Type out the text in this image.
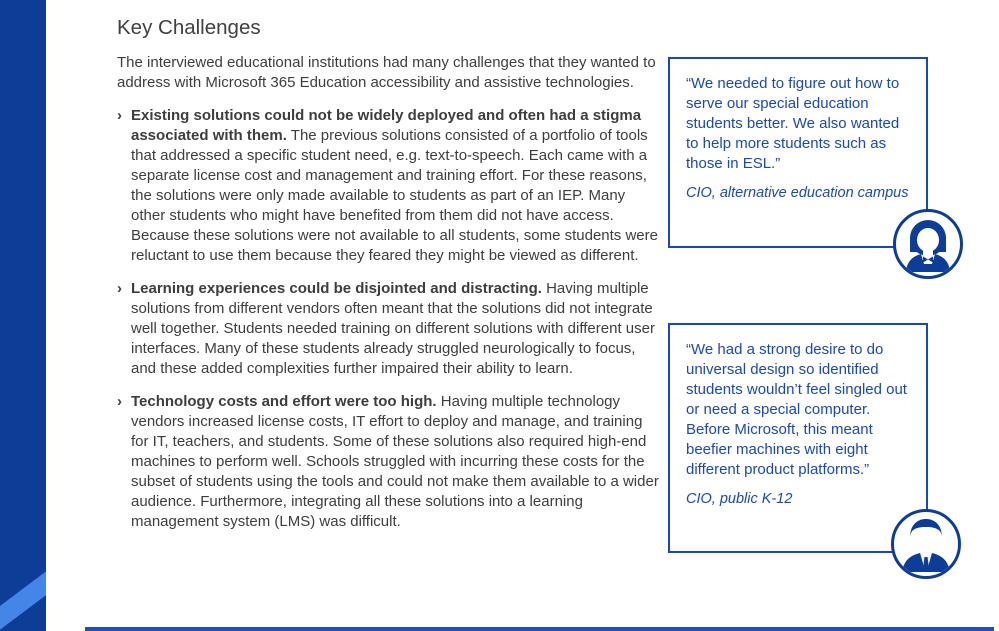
Key Challenges

The interviewed educational institutions had many challenges that they wanted to address with Microsoft 365 Education accessibility and assistive technologies.

› Existing solutions could not be widely deployed and often had a stigma associated with them. The previous solutions consisted of a portfolio of tools that addressed a specific student need, e.g. text-to-speech. Each came with a separate license cost and management and training effort. For these reasons, the solutions were only made available to students as part of an IEP. Many other students who might have benefited from them did not have access. Because these solutions were not available to all students, some students were reluctant to use them because they feared they might be viewed as different.
› Learning experiences could be disjointed and distracting. Having multiple solutions from different vendors often meant that the solutions did not integrate well together. Students needed training on different solutions with different user interfaces. Many of these students already struggled neurologically to focus, and these added complexities further impaired their ability to learn.
› Technology costs and effort were too high. Having multiple technology vendors increased license costs, IT effort to deploy and manage, and training for IT, teachers, and students. Some of these solutions also required high-end machines to perform well. Schools struggled with incurring these costs for the subset of students using the tools and could not make them available to a wider audience. Furthermore, integrating all these solutions into a learning management system (LMS) was difficult.

“We needed to figure out how to serve our special education students better. We also wanted to help more students such as those in ESL.”

CIO, alternative education campus

“We had a strong desire to do universal design so identified students wouldn’t feel singled out or need a special computer. Before Microsoft, this meant beefier machines with eight different product platforms.”

CIO, public K-12
